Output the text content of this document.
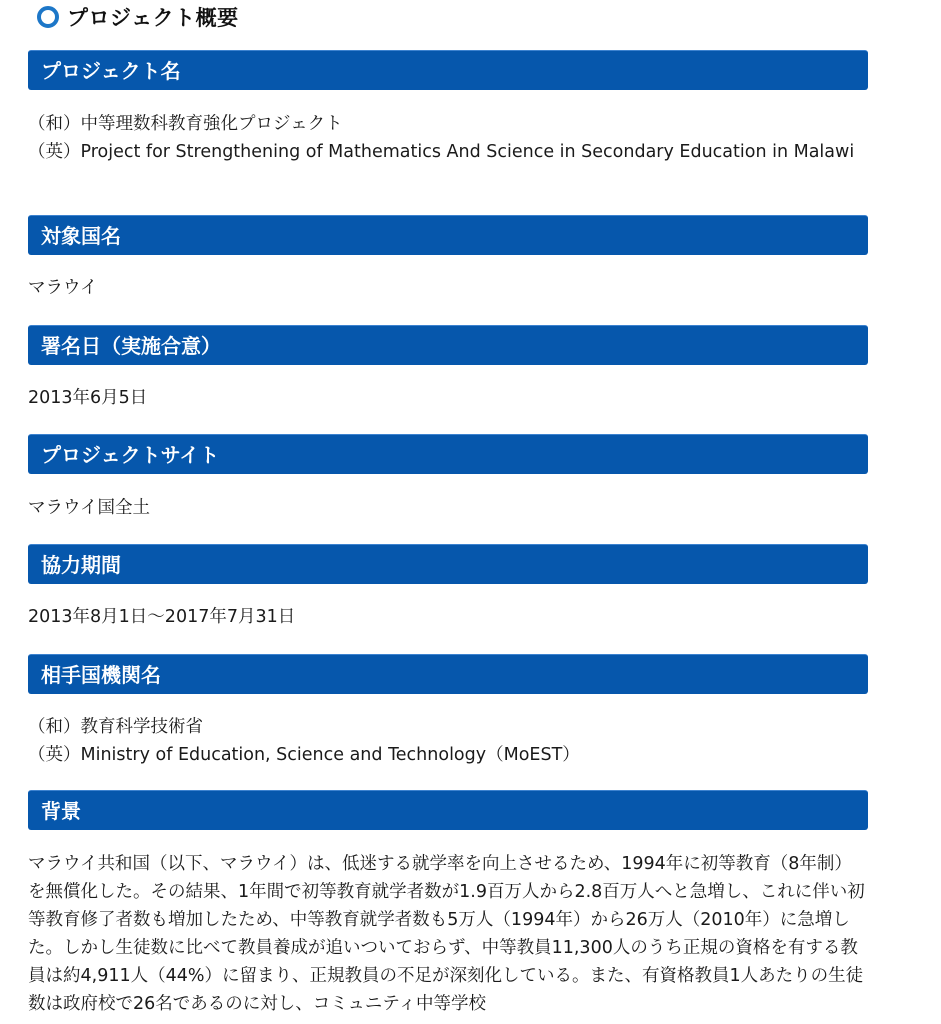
プロジェクト概要
プロジェクト名

（和）中等理数科教育強化プロジェクト

（英）Project for Strengthening of Mathematics And Science in Secondary Education in Malawi

対象国名

マラウイ

署名日（実施合意）

2013年6月5日

プロジェクトサイト

マラウイ国全土

協力期間

2013年8月1日～2017年7月31日

相手国機関名

（和）教育科学技術省

（英）Ministry of Education, Science and Technology（MoEST）

背景

マラウイ共和国（以下、マラウイ）は、低迷する就学率を向上させるため、1994年に初等教育（8年制）を無償化した。その結果、1年間で初等教育就学者数が1.9百万人から2.8百万人へと急増し、これに伴い初等教育修了者数も増加したため、中等教育就学者数も5万人（1994年）から26万人（2010年）に急増した。しかし生徒数に比べて教員養成が追いついておらず、中等教員11,300人のうち正規の資格を有する教員は約4,911人（44%）に留まり、正規教員の不足が深刻化している。また、有資格教員1人あたりの生徒数は政府校で26名であるのに対し、コミュニティ中等学校
